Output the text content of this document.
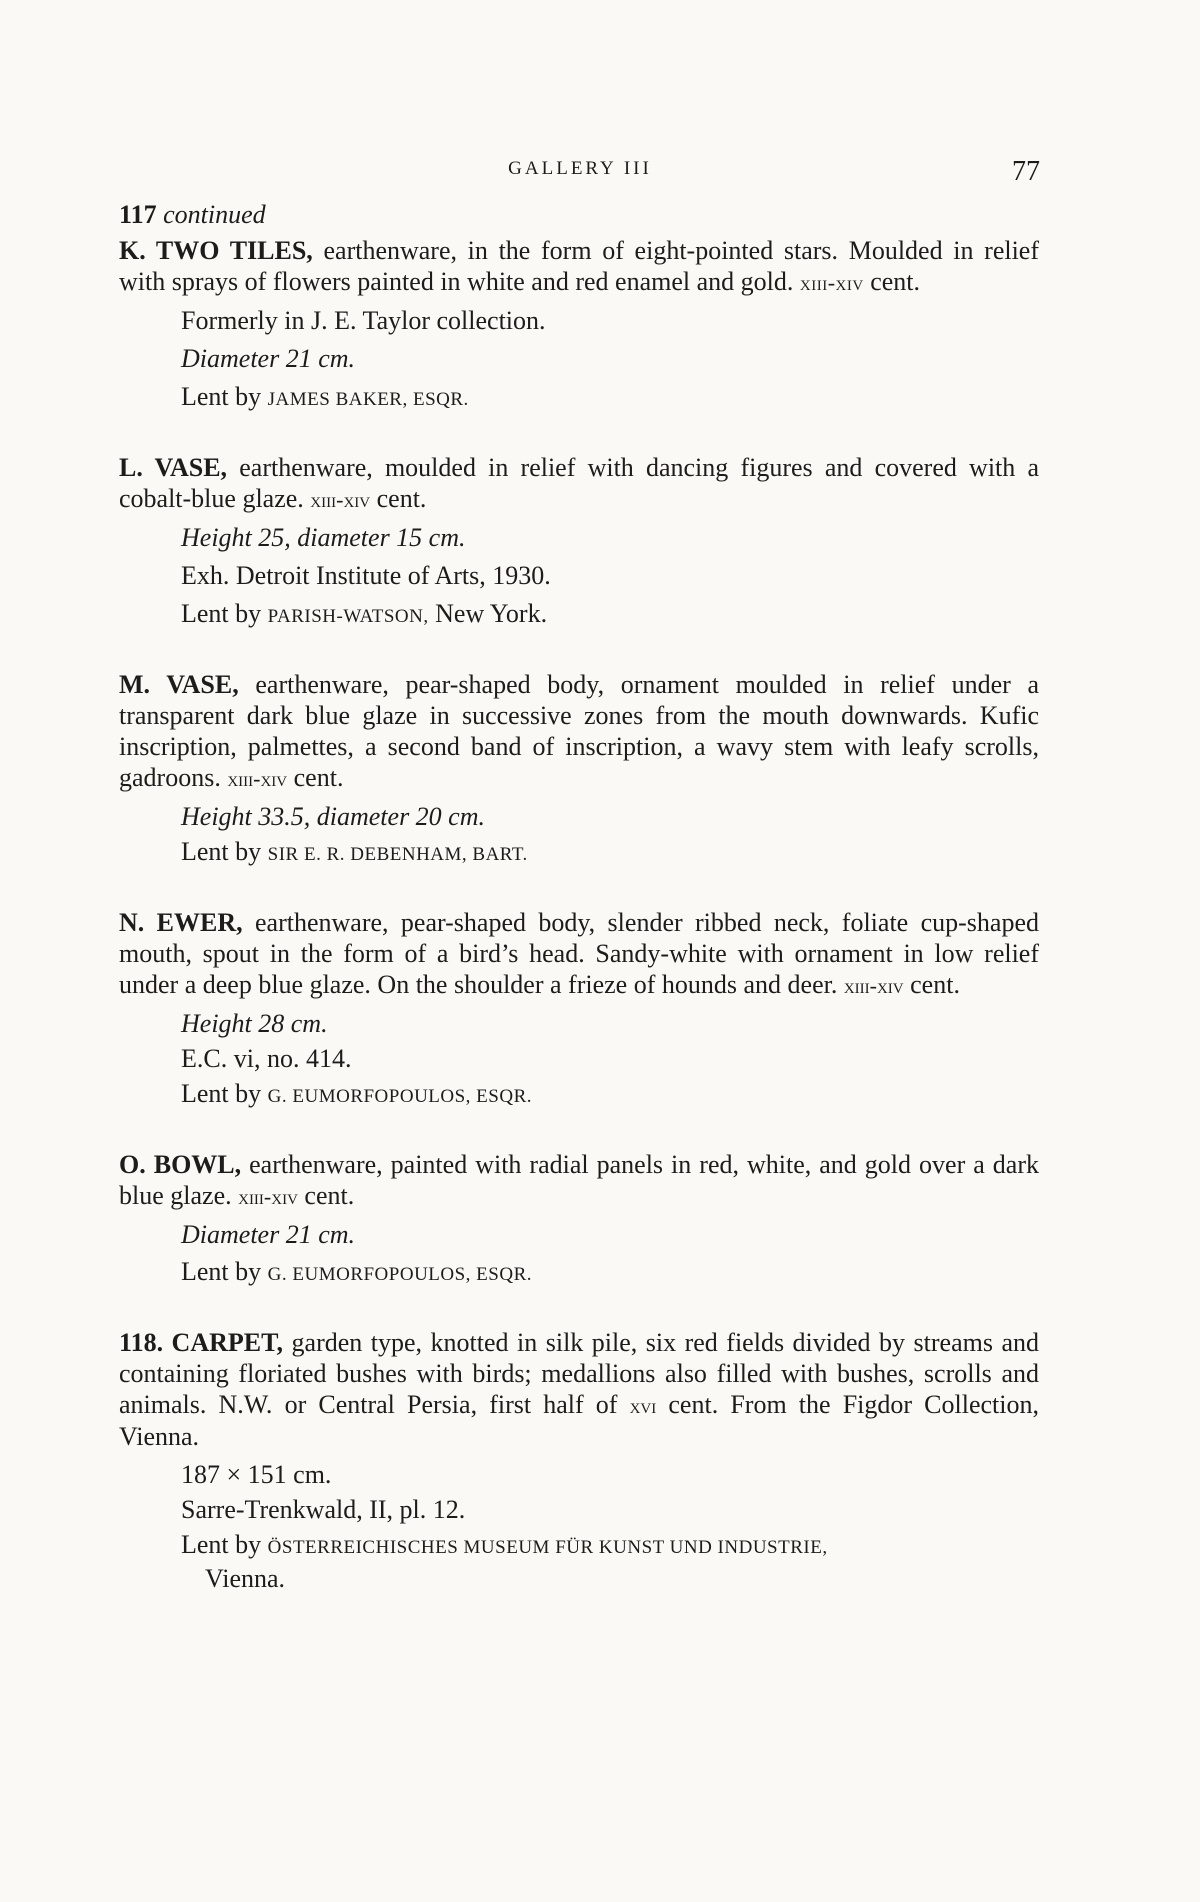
GALLERY III	77

117 continued

K. TWO TILES, earthenware, in the form of eight-pointed stars. Moulded in relief with sprays of flowers painted in white and red enamel and gold. xiii-xiv cent.

Formerly in J. E. Taylor collection.

Diameter 21 cm.

Lent by JAMES BAKER, ESQR.

L. VASE, earthenware, moulded in relief with dancing figures and covered with a cobalt-blue glaze. xiii-xiv cent.

Height 25, diameter 15 cm.

Exh. Detroit Institute of Arts, 1930.

Lent by PARISH-WATSON, New York.

M. VASE, earthenware, pear-shaped body, ornament moulded in relief under a transparent dark blue glaze in successive zones from the mouth downwards. Kufic inscription, palmettes, a second band of inscription, a wavy stem with leafy scrolls, gadroons. xiii-xiv cent.

Height 33.5, diameter 20 cm.

Lent by SIR E. R. DEBENHAM, BART.

N. EWER, earthenware, pear-shaped body, slender ribbed neck, foliate cup-shaped mouth, spout in the form of a bird’s head. Sandy-white with ornament in low relief under a deep blue glaze. On the shoulder a frieze of hounds and deer. xiii-xiv cent.

Height 28 cm.

E.C. vi, no. 414.

Lent by G. EUMORFOPOULOS, ESQR.

O. BOWL, earthenware, painted with radial panels in red, white, and gold over a dark blue glaze. xiii-xiv cent.

Diameter 21 cm.

Lent by G. EUMORFOPOULOS, ESQR.

118. CARPET, garden type, knotted in silk pile, six red fields divided by streams and containing floriated bushes with birds; medallions also filled with bushes, scrolls and animals. N.W. or Central Persia, first half of xvi cent. From the Figdor Collection, Vienna.

187 × 151 cm.

Sarre-Trenkwald, II, pl. 12.

Lent by ÖSTERREICHISCHES MUSEUM FÜR KUNST UND INDUSTRIE,

Vienna.
